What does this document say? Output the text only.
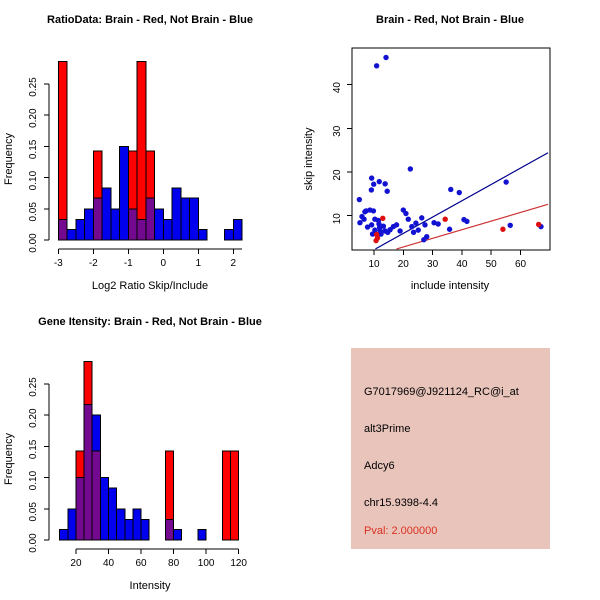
0.00
0.05
0.10
0.15
0.20
0.25
-3	-2	-1	0	1	2
RatioData: Brain - Red, Not Brain - Blue
Log2 Ratio Skip/Include
Frequency
10 20 30 40 50 60
10
20
30
40
Brain - Red, Not Brain - Blue
include intensity
skip intensity
0.00
0.05
0.10
0.15
0.20
0.25
20 40 60 80 100 120
Gene Itensity: Brain - Red, Not Brain - Blue
Intensity
Frequency
G7017969@J921124_RC@i_at
alt3Prime
Adcy6
chr15.9398-4.4
Pval: 2.000000
